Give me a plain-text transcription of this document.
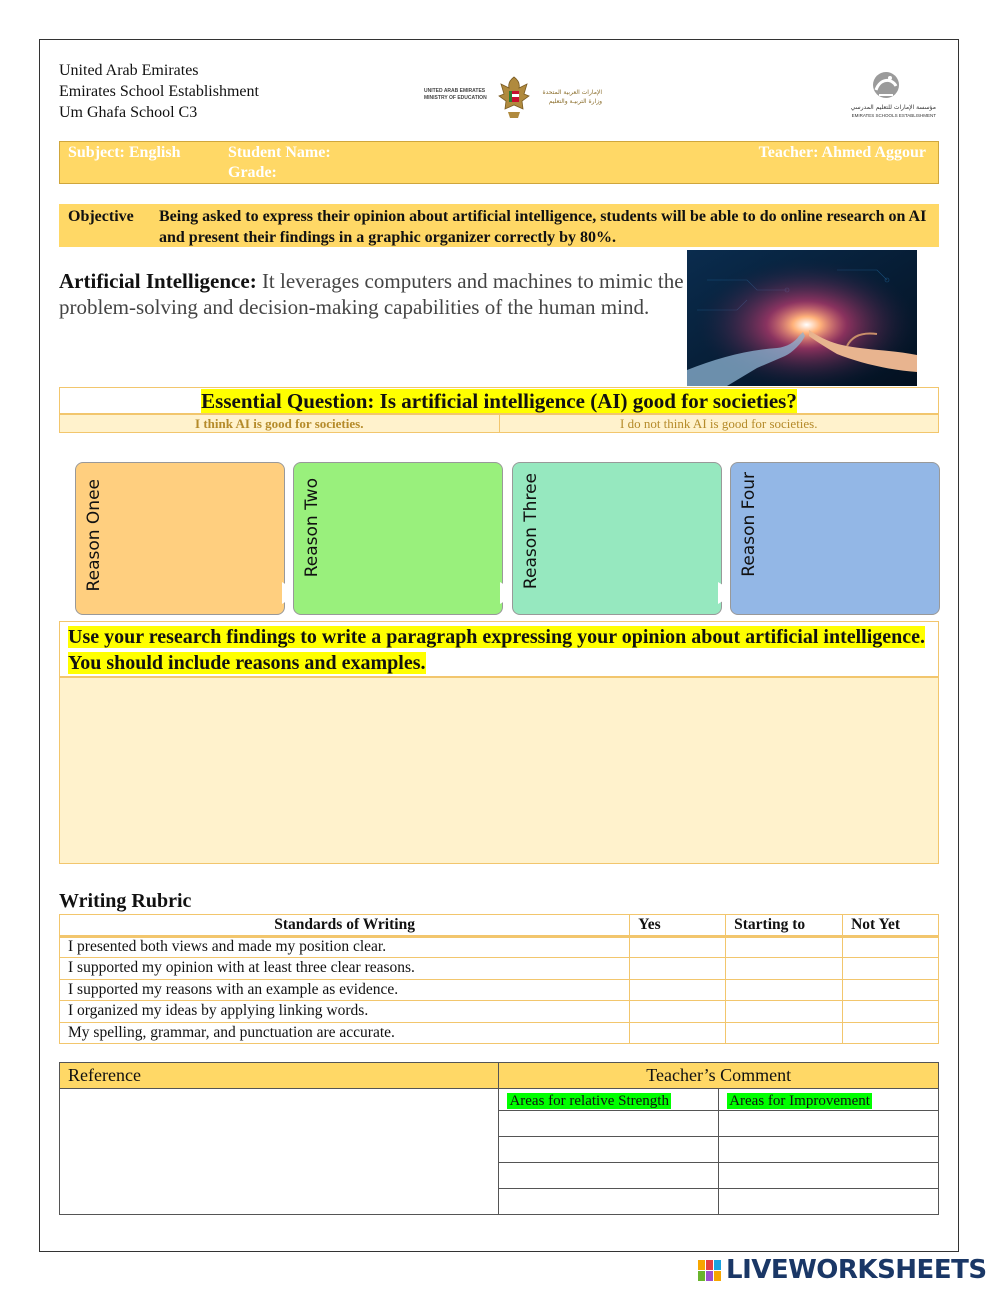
United Arab Emirates
Emirates School Establishment
Um Ghafa School C3
UNITED ARAB EMIRATES
MINISTRY OF EDUCATION
الإمارات العربية المتحدة
وزارة التربيـة والتعليم
مؤسسة الإمارات للتعليم المدرسي
EMIRATES SCHOOLS ESTABLISHMENT
Subject: English	Student Name:
Grade:
Teacher: Ahmed Aggour
Objective Being asked to express their opinion about artificial intelligence, students will be able to do online research on AI and present their findings in a graphic organizer correctly by 80%.
Artificial Intelligence: It leverages computers and machines to mimic the problem-solving and decision-making capabilities of the human mind.
Essential Question: Is artificial intelligence (AI) good for societies?
I think AI is good for societies.	I do not think AI is good for societies.
Reason Onee	Reason Two	Reason Three	Reason Four
Use your research findings to write a paragraph expressing your opinion about artificial intelligence. You should include reasons and examples.
Writing Rubric
Standards of Writing	Yes	Starting to	Not Yet
I presented both views and made my position clear.			
I supported my opinion with at least three clear reasons.			
I supported my reasons with an example as evidence.			
I organized my ideas by applying linking words.			
My spelling, grammar, and punctuation are accurate.			
Reference	Teacher’s Comment	
	Areas for relative Strength	Areas for Improvement

LIVEWORKSHEETS
